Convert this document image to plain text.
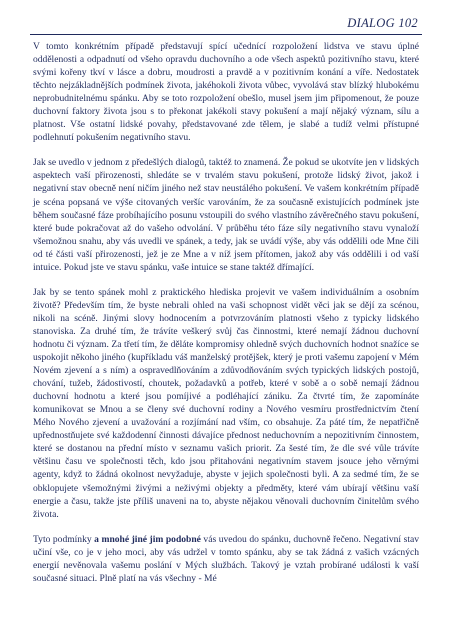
DIALOG 102

V tomto konkrétním případě představují spící učednící rozpoložení lidstva ve stavu úplné oddělenosti a odpadnutí od všeho opravdu duchovního a ode všech aspektů pozitivního stavu, které svými kořeny tkví v lásce a dobru, moudrosti a pravdě a v pozitivním konání a víře. Nedostatek těchto nejzákladnějších podmínek života, jakéhokoli života vůbec, vyvolává stav blízký hlubokému neprobudnitelnému spánku. Aby se toto rozpoložení obešlo, musel jsem jim připomenout, že pouze duchovní faktory života jsou s to překonat jakékoli stavy pokušení a mají nějaký význam, sílu a platnost. Vše ostatní lidské povahy, představované zde tělem, je slabé a tudíž velmi přístupné podlehnutí pokušením negativního stavu.

Jak se uvedlo v jednom z předešlých dialogů, taktéž to znamená. Že pokud se ukotvíte jen v lidských aspektech vaší přirozenosti, shledáte se v trvalém stavu pokušení, protože lidský život, jakož i negativní stav obecně není ničím jiného než stav neustálého pokušení. Ve vašem konkrétním případě je scéna popsaná ve výše citovaných veršíc varováním, že za současně existujících podmínek jste během současné fáze probíhajícího posunu vstoupili do svého vlastního závěrečného stavu pokušení, které bude pokračovat až do vašeho odvolání. V průběhu této fáze síly negativního stavu vynaloží všemožnou snahu, aby vás uvedli ve spánek, a tedy, jak se uvádí výše, aby vás oddělili ode Mne čili od té části vaší přirozenosti, jež je ze Mne a v níž jsem přítomen, jakož aby vás oddělili i od vaší intuice. Pokud jste ve stavu spánku, vaše intuice se stane taktéž dřímající.

Jak by se tento spánek mohl z praktického hlediska projevit ve vašem individuálním a osobním životě? Především tím, že byste nebrali ohled na vaši schopnost vidět věci jak se dějí za scénou, nikoli na scéně. Jinými slovy hodnocením a potvrzováním platnosti všeho z typicky lidského stanoviska. Za druhé tím, že trávíte veškerý svůj čas činnostmi, které nemají žádnou duchovní hodnotu či význam. Za třetí tím, že děláte kompromisy ohledně svých duchovních hodnot snažíce se uspokojit někoho jiného (kupříkladu váš manželský protějšek, který je proti vašemu zapojení v Mém Novém zjevení a s ním) a ospravedlňováním a zdůvodňováním svých typických lidských postojů, chování, tužeb, žádostivostí, choutek, požadavků a potřeb, které v sobě a o sobě nemají žádnou duchovní hodnotu a které jsou pomíjivé a podléhající zániku. Za čtvrté tím, že zapomínáte komunikovat se Mnou a se členy své duchovní rodiny a Nového vesmíru prostřednictvím čtení Mého Nového zjevení a uvažování a rozjímání nad vším, co obsahuje. Za páté tím, že nepatřičně upřednostňujete své každodenní činnosti dávajíce přednost neduchovním a nepozitivním činnostem, které se dostanou na přední místo v seznamu vašich priorit. Za šesté tím, že dle své vůle trávíte většinu času ve společnosti těch, kdo jsou přitahováni negativním stavem jsouce jeho věrnými agenty, když to žádná okolnost nevyžaduje, abyste v jejich společnosti byli. A za sedmé tím, že se obklopujete všemožnými živými a neživými objekty a předměty, které vám ubírají většinu vaší energie a času, takže jste příliš unaveni na to, abyste nějakou věnovali duchovním činitelům svého života.

Tyto podmínky a mnohé jiné jim podobné vás uvedou do spánku, duchovně řečeno. Negativní stav učiní vše, co je v jeho moci, aby vás udržel v tomto spánku, aby se tak žádná z vašich vzácných energií nevěnovala vašemu poslání v Mých službách. Takový je vztah probírané události k vaší současné situaci. Plně platí na vás všechny - Mé
